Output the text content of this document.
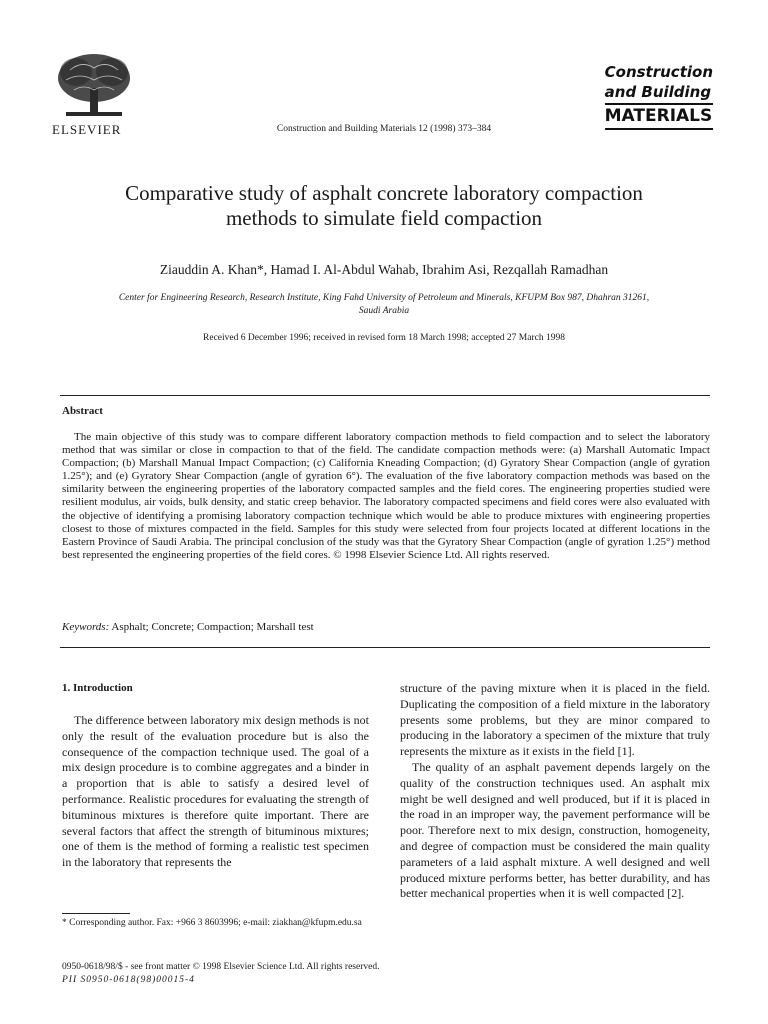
ELSEVIER	Construction and Building Materials 12 (1998) 373–384
Construction
and Building
MATERIALS
Comparative study of asphalt concrete laboratory compaction
methods to simulate field compaction
Ziauddin A. Khan*, Hamad I. Al-Abdul Wahab, Ibrahim Asi, Rezqallah Ramadhan
Center for Engineering Research, Research Institute, King Fahd University of Petroleum and Minerals, KFUPM Box 987, Dhahran 31261,
Saudi Arabia
Received 6 December 1996; received in revised form 18 March 1998; accepted 27 March 1998
Abstract
The main objective of this study was to compare different laboratory compaction methods to field compaction and to select the laboratory method that was similar or close in compaction to that of the field. The candidate compaction methods were: (a) Marshall Automatic Impact Compaction; (b) Marshall Manual Impact Compaction; (c) California Kneading Compaction; (d) Gyratory Shear Compaction (angle of gyration 1.25°); and (e) Gyratory Shear Compaction (angle of gyration 6°). The evaluation of the five laboratory compaction methods was based on the similarity between the engineering properties of the laboratory compacted samples and the field cores. The engineering properties studied were resilient modulus, air voids, bulk density, and static creep behavior. The laboratory compacted specimens and field cores were also evaluated with the objective of identifying a promising laboratory compaction technique which would be able to produce mixtures with engineering properties closest to those of mixtures compacted in the field. Samples for this study were selected from four projects located at different locations in the Eastern Province of Saudi Arabia. The principal conclusion of the study was that the Gyratory Shear Compaction (angle of gyration 1.25°) method best represented the engineering properties of the field cores. © 1998 Elsevier Science Ltd. All rights reserved.
Keywords: Asphalt; Concrete; Compaction; Marshall test
1. Introduction

The difference between laboratory mix design methods is not only the result of the evaluation procedure but is also the consequence of the compaction technique used. The goal of a mix design procedure is to combine aggregates and a binder in a proportion that is able to satisfy a desired level of performance. Realistic procedures for evaluating the strength of bituminous mixtures is therefore quite important. There are several factors that affect the strength of bituminous mixtures; one of them is the method of forming a realistic test specimen in the laboratory that represents the

structure of the paving mixture when it is placed in the field. Duplicating the composition of a field mixture in the laboratory presents some problems, but they are minor compared to producing in the laboratory a specimen of the mixture that truly represents the mixture as it exists in the field [1].

The quality of an asphalt pavement depends largely on the quality of the construction techniques used. An asphalt mix might be well designed and well produced, but if it is placed in the road in an improper way, the pavement performance will be poor. Therefore next to mix design, construction, homogeneity, and degree of compaction must be considered the main quality parameters of a laid asphalt mixture. A well designed and well produced mixture performs better, has better durability, and has better mechanical properties when it is well compacted [2].

* Corresponding author. Fax: +966 3 8603996; e-mail: ziakhan@kfupm.edu.sa
0950-0618/98/$ - see front matter © 1998 Elsevier Science Ltd. All rights reserved.
PII S0950-0618(98)00015-4
